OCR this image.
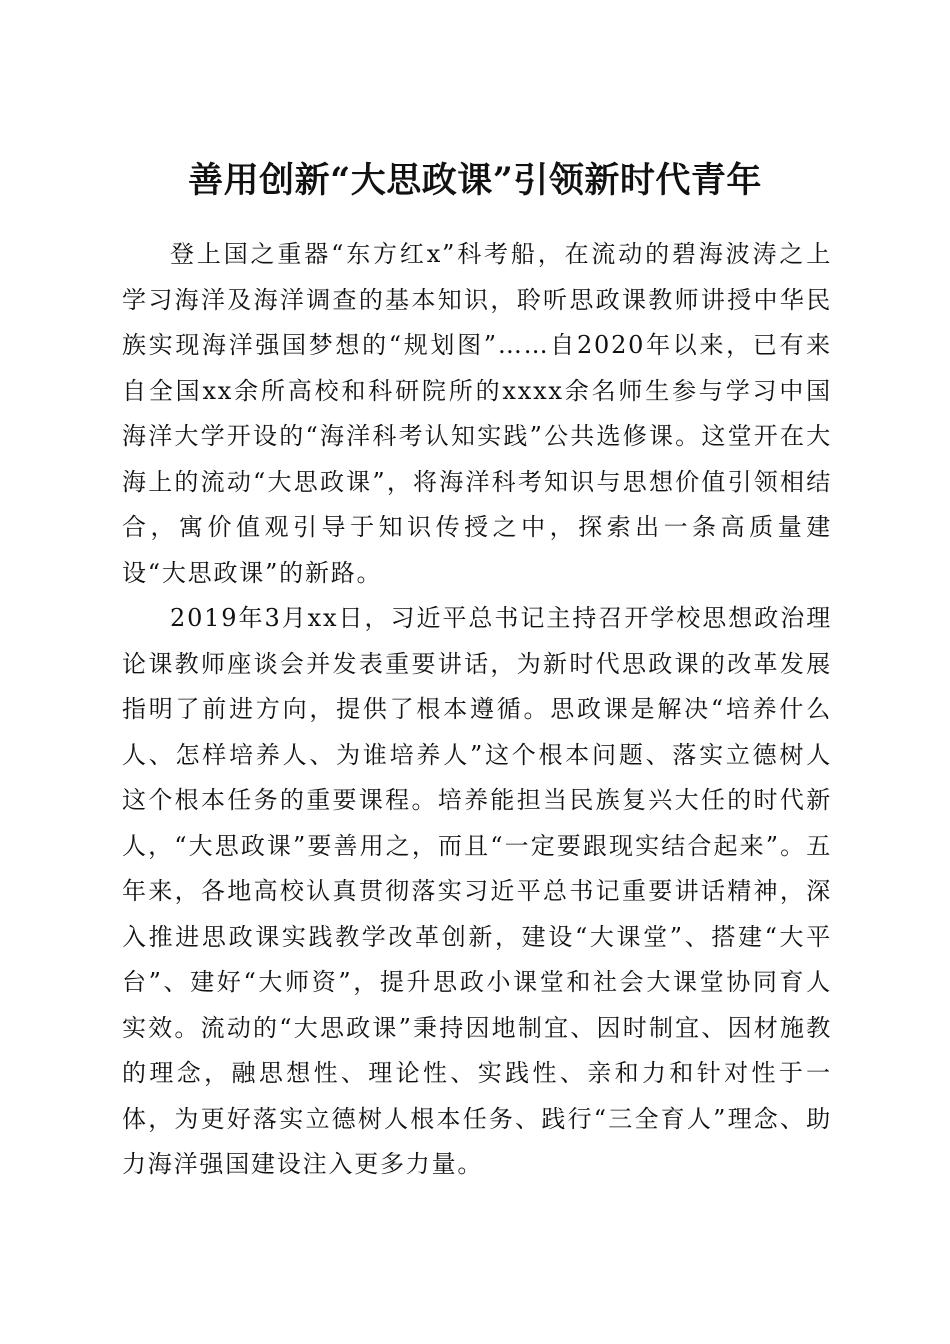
善用创新“大思政课”引领新时代青年

登上国之重器“东方红x”科考船，在流动的碧海波涛之上学习海洋及海洋调查的基本知识，聆听思政课教师讲授中华民族实现海洋强国梦想的“规划图”……自2020年以来，已有来自全国xx余所高校和科研院所的xxxx余名师生参与学习中国海洋大学开设的“海洋科考认知实践”公共选修课。这堂开在大海上的流动“大思政课”，将海洋科考知识与思想价值引领相结合，寓价值观引导于知识传授之中，探索出一条高质量建设“大思政课”的新路。

2019年3月xx日，习近平总书记主持召开学校思想政治理论课教师座谈会并发表重要讲话，为新时代思政课的改革发展指明了前进方向，提供了根本遵循。思政课是解决“培养什么人、怎样培养人、为谁培养人”这个根本问题、落实立德树人这个根本任务的重要课程。培养能担当民族复兴大任的时代新人，“大思政课”要善用之，而且“一定要跟现实结合起来”。五年来，各地高校认真贯彻落实习近平总书记重要讲话精神，深入推进思政课实践教学改革创新，建设“大课堂”、搭建“大平台”、建好“大师资”，提升思政小课堂和社会大课堂协同育人实效。流动的“大思政课”秉持因地制宜、因时制宜、因材施教的理念，融思想性、理论性、实践性、亲和力和针对性于一体，为更好落实立德树人根本任务、践行“三全育人”理念、助力海洋强国建设注入更多力量。
